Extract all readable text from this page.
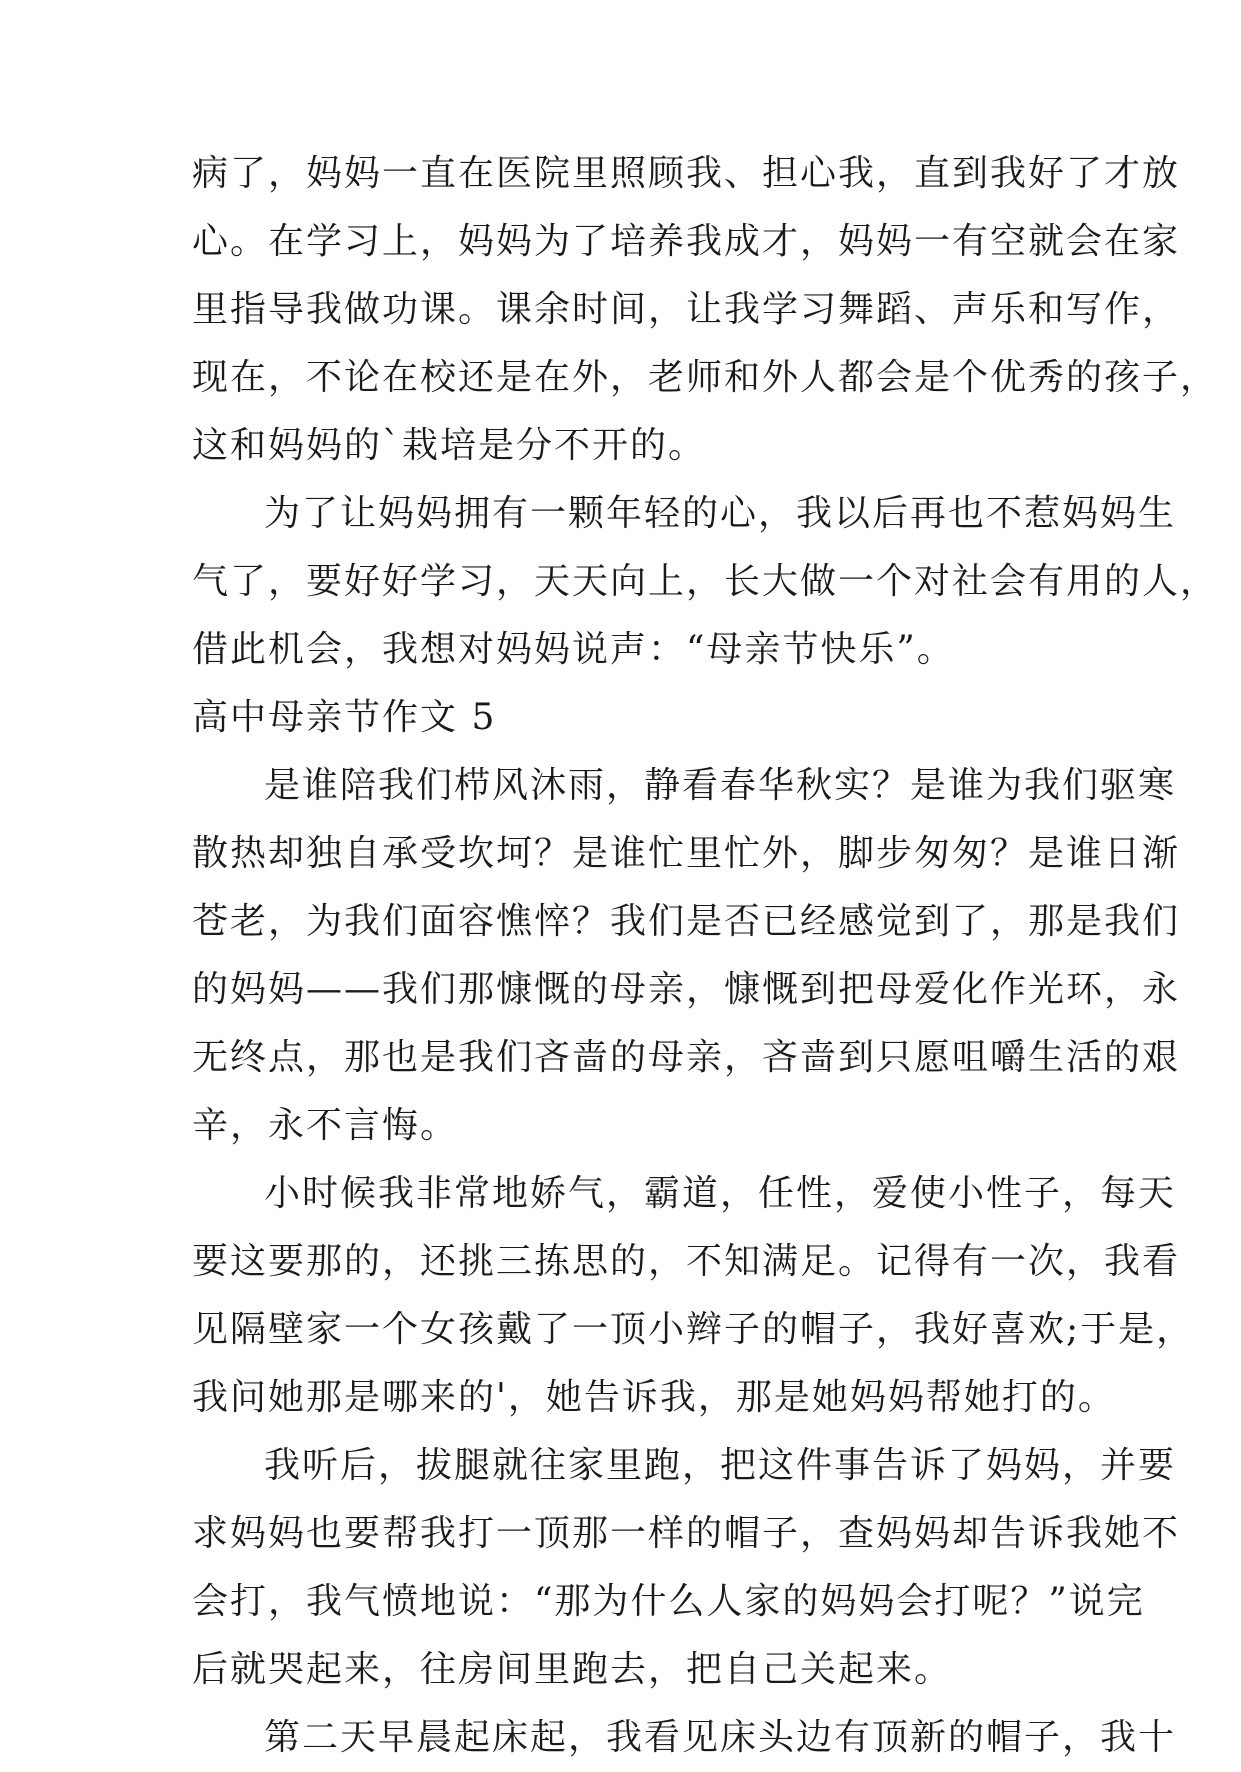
病了，妈妈一直在医院里照顾我、担心我，直到我好了才放
心。在学习上，妈妈为了培养我成才，妈妈一有空就会在家
里指导我做功课。课余时间，让我学习舞蹈、声乐和写作，
现在，不论在校还是在外，老师和外人都会是个优秀的孩子，
这和妈妈的`栽培是分不开的。
为了让妈妈拥有一颗年轻的心，我以后再也不惹妈妈生
气了，要好好学习，天天向上，长大做一个对社会有用的人，
借此机会，我想对妈妈说声：“母亲节快乐”。
高中母亲节作文 5
是谁陪我们栉风沐雨，静看春华秋实？是谁为我们驱寒
散热却独自承受坎坷？是谁忙里忙外，脚步匆匆？是谁日渐
苍老，为我们面容憔悴？我们是否已经感觉到了，那是我们
的妈妈——我们那慷慨的母亲，慷慨到把母爱化作光环，永
无终点，那也是我们吝啬的母亲，吝啬到只愿咀嚼生活的艰
辛，永不言悔。
小时候我非常地娇气，霸道，任性，爱使小性子，每天
要这要那的，还挑三拣思的，不知满足。记得有一次，我看
见隔壁家一个女孩戴了一顶小辫子的帽子，我好喜欢;于是，
我问她那是哪来的'，她告诉我，那是她妈妈帮她打的。
我听后，拔腿就往家里跑，把这件事告诉了妈妈，并要
求妈妈也要帮我打一顶那一样的帽子，查妈妈却告诉我她不
会打，我气愤地说：“那为什么人家的妈妈会打呢？”说完
后就哭起来，往房间里跑去，把自己关起来。
第二天早晨起床起，我看见床头边有顶新的帽子，我十
